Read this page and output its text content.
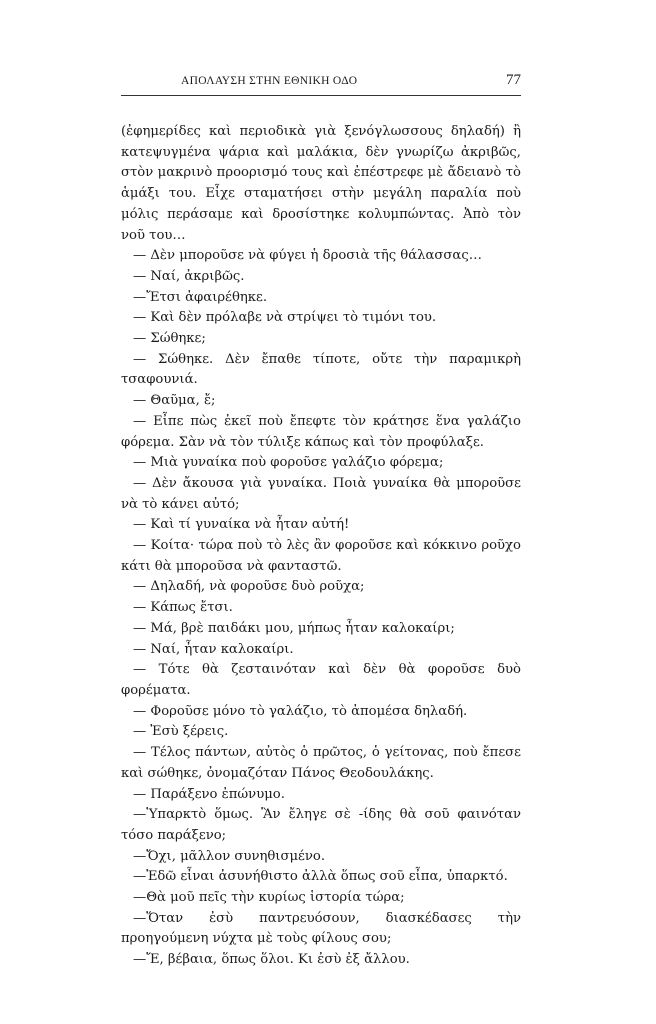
ΑΠΟΛΑΥΣΗ ΣΤΗΝ ΕΘΝΙΚΗ ΟΔΟ	77

(ἐφημερίδες καὶ περιοδικὰ γιὰ ξενόγλωσσους δηλαδή) ἢ κατεψυγμένα ψάρια καὶ μαλάκια, δὲν γνωρίζω ἀκριβῶς, στὸν μακρινὸ προορισμό τους καὶ ἐπέστρεφε μὲ ἄδειανὸ τὸ ἁμάξι του. Εἶχε σταματήσει στὴν μεγάλη παραλία ποὺ μόλις περάσαμε καὶ δροσίστηκε κολυμπώντας. Ἀπὸ τὸν νοῦ του…

— Δὲν μποροῦσε νὰ φύγει ἡ δροσιὰ τῆς θάλασσας…

— Ναί, ἀκριβῶς.

—Ἔτσι ἀφαιρέθηκε.

— Καὶ δὲν πρόλαβε νὰ στρίψει τὸ τιμόνι του.

— Σώθηκε;

— Σώθηκε. Δὲν ἔπαθε τίποτε, οὔτε τὴν παραμικρὴ τσαφουνιά.

— Θαῦμα, ἔ;

— Εἶπε πὼς ἐκεῖ ποὺ ἔπεφτε τὸν κράτησε ἕνα γαλάζιο φόρεμα. Σὰν νὰ τὸν τύλιξε κάπως καὶ τὸν προφύλαξε.

— Μιὰ γυναίκα ποὺ φοροῦσε γαλάζιο φόρεμα;

— Δὲν ἄκουσα γιὰ γυναίκα. Ποιὰ γυναίκα θὰ μποροῦσε νὰ τὸ κάνει αὐτό;

— Καὶ τί γυναίκα νὰ ἦταν αὐτή!

— Κοίτα· τώρα ποὺ τὸ λὲς ἂν φοροῦσε καὶ κόκκινο ροῦχο κάτι θὰ μποροῦσα νὰ φανταστῶ.

— Δηλαδή, νὰ φοροῦσε δυὸ ροῦχα;

— Κάπως ἔτσι.

— Μά, βρὲ παιδάκι μου, μήπως ἦταν καλοκαίρι;

— Ναί, ἦταν καλοκαίρι.

— Τότε θὰ ζεσταινόταν καὶ δὲν θὰ φοροῦσε δυὸ φορέματα.

— Φοροῦσε μόνο τὸ γαλάζιο, τὸ ἀπομέσα δηλαδή.

— Ἐσὺ ξέρεις.

— Τέλος πάντων, αὐτὸς ὁ πρῶτος, ὁ γείτονας, ποὺ ἔπεσε καὶ σώθηκε, ὀνομαζόταν Πάνος Θεοδουλάκης.

— Παράξενο ἐπώνυμο.

—Ὑπαρκτὸ ὅμως. Ἂν ἔληγε σὲ -ίδης θὰ σοῦ φαινόταν τόσο παράξενο;

—Ὄχι, μᾶλλον συνηθισμένο.

—Ἐδῶ εἶναι ἀσυνήθιστο ἀλλὰ ὅπως σοῦ εἶπα, ὑπαρκτό.

—Θὰ μοῦ πεῖς τὴν κυρίως ἱστορία τώρα;

—Ὅταν ἐσὺ παντρευόσουν, διασκέδασες τὴν προηγούμενη νύχτα μὲ τοὺς φίλους σου;

—Ἔ, βέβαια, ὅπως ὅλοι. Κι ἐσὺ ἐξ ἄλλου.
